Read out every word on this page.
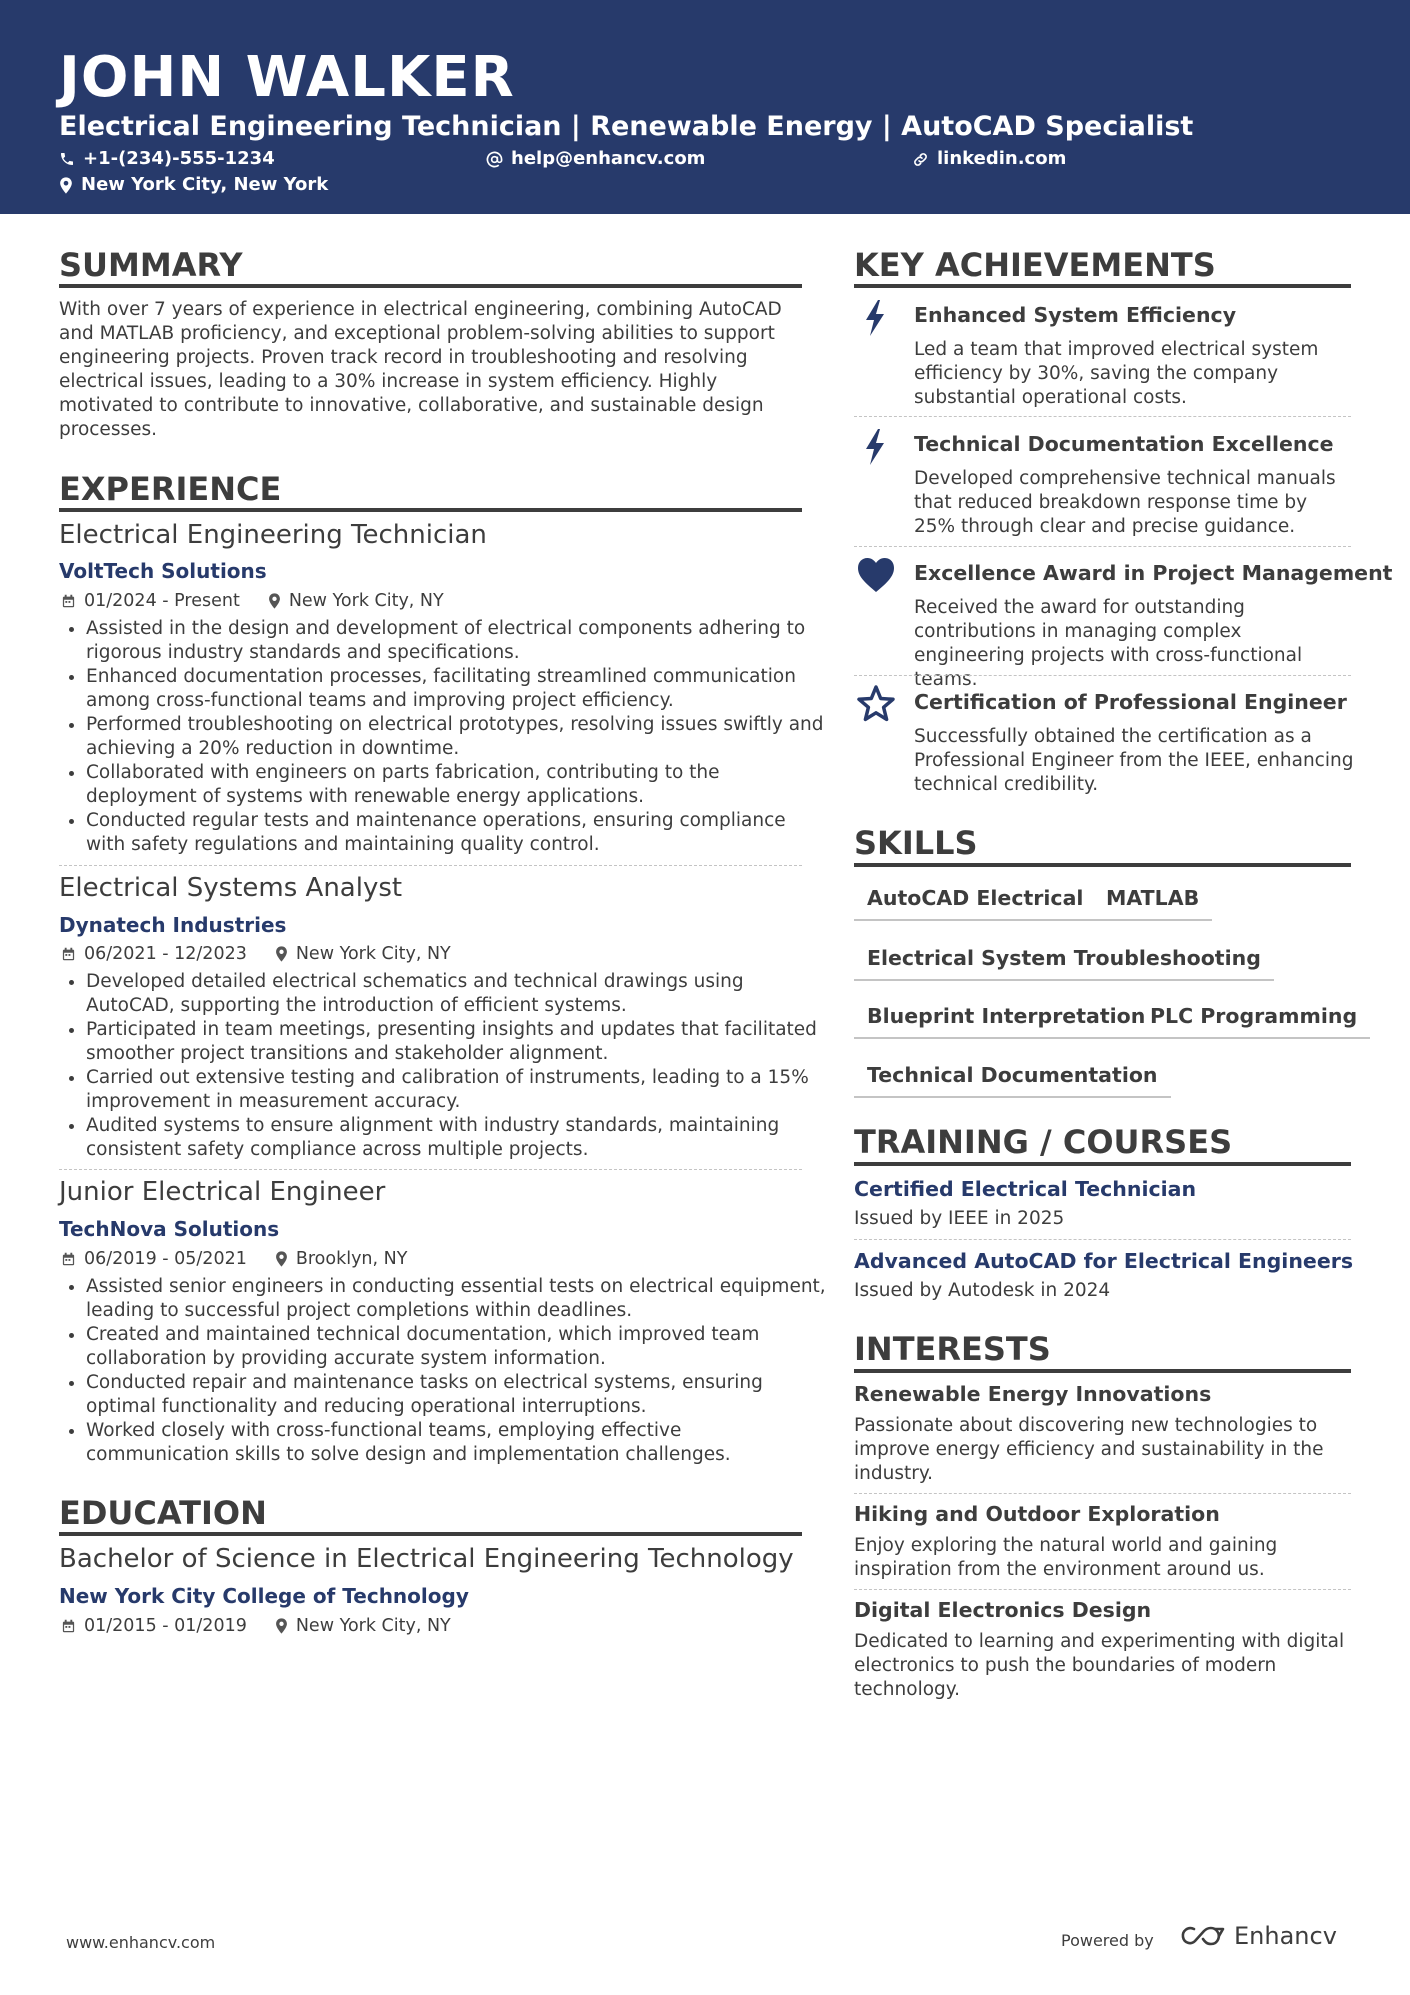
JOHN WALKER
Electrical Engineering Technician | Renewable Energy | AutoCAD Specialist
+1-(234)-555-1234	help@enhancv.com	linkedin.com
New York City, New York
SUMMARY
With over 7 years of experience in electrical engineering, combining AutoCAD and MATLAB proficiency, and exceptional problem-solving abilities to support engineering projects. Proven track record in troubleshooting and resolving electrical issues, leading to a 30% increase in system efficiency. Highly motivated to contribute to innovative, collaborative, and sustainable design processes.
EXPERIENCE
Electrical Engineering Technician
VoltTech Solutions
01/2024 - Present	New York City, NY
• Assisted in the design and development of electrical components adhering to rigorous industry standards and specifications.
• Enhanced documentation processes, facilitating streamlined communication among cross-functional teams and improving project efficiency.
• Performed troubleshooting on electrical prototypes, resolving issues swiftly and achieving a 20% reduction in downtime.
• Collaborated with engineers on parts fabrication, contributing to the deployment of systems with renewable energy applications.
• Conducted regular tests and maintenance operations, ensuring compliance with safety regulations and maintaining quality control.
Electrical Systems Analyst
Dynatech Industries
06/2021 - 12/2023	New York City, NY
• Developed detailed electrical schematics and technical drawings using AutoCAD, supporting the introduction of efficient systems.
• Participated in team meetings, presenting insights and updates that facilitated smoother project transitions and stakeholder alignment.
• Carried out extensive testing and calibration of instruments, leading to a 15% improvement in measurement accuracy.
• Audited systems to ensure alignment with industry standards, maintaining consistent safety compliance across multiple projects.
Junior Electrical Engineer
TechNova Solutions
06/2019 - 05/2021	Brooklyn, NY
• Assisted senior engineers in conducting essential tests on electrical equipment, leading to successful project completions within deadlines.
• Created and maintained technical documentation, which improved team collaboration by providing accurate system information.
• Conducted repair and maintenance tasks on electrical systems, ensuring optimal functionality and reducing operational interruptions.
• Worked closely with cross-functional teams, employing effective communication skills to solve design and implementation challenges.
EDUCATION
Bachelor of Science in Electrical Engineering Technology
New York City College of Technology
01/2015 - 01/2019	New York City, NY
KEY ACHIEVEMENTS
Enhanced System Efficiency
Led a team that improved electrical system efficiency by 30%, saving the company substantial operational costs.
Technical Documentation Excellence
Developed comprehensive technical manuals that reduced breakdown response time by 25% through clear and precise guidance.
Excellence Award in Project Management
Received the award for outstanding contributions in managing complex engineering projects with cross-functional teams.
Certification of Professional Engineer
Successfully obtained the certification as a Professional Engineer from the IEEE, enhancing technical credibility.
SKILLS
AutoCAD Electrical	MATLAB
Electrical System Troubleshooting
Blueprint Interpretation PLC Programming
Technical Documentation
TRAINING / COURSES
Certified Electrical Technician
Issued by IEEE in 2025
Advanced AutoCAD for Electrical Engineers
Issued by Autodesk in 2024
INTERESTS
Renewable Energy Innovations
Passionate about discovering new technologies to improve energy efficiency and sustainability in the industry.
Hiking and Outdoor Exploration
Enjoy exploring the natural world and gaining inspiration from the environment around us.
Digital Electronics Design
Dedicated to learning and experimenting with digital electronics to push the boundaries of modern technology.
www.enhancv.com	Powered by	Enhancv
